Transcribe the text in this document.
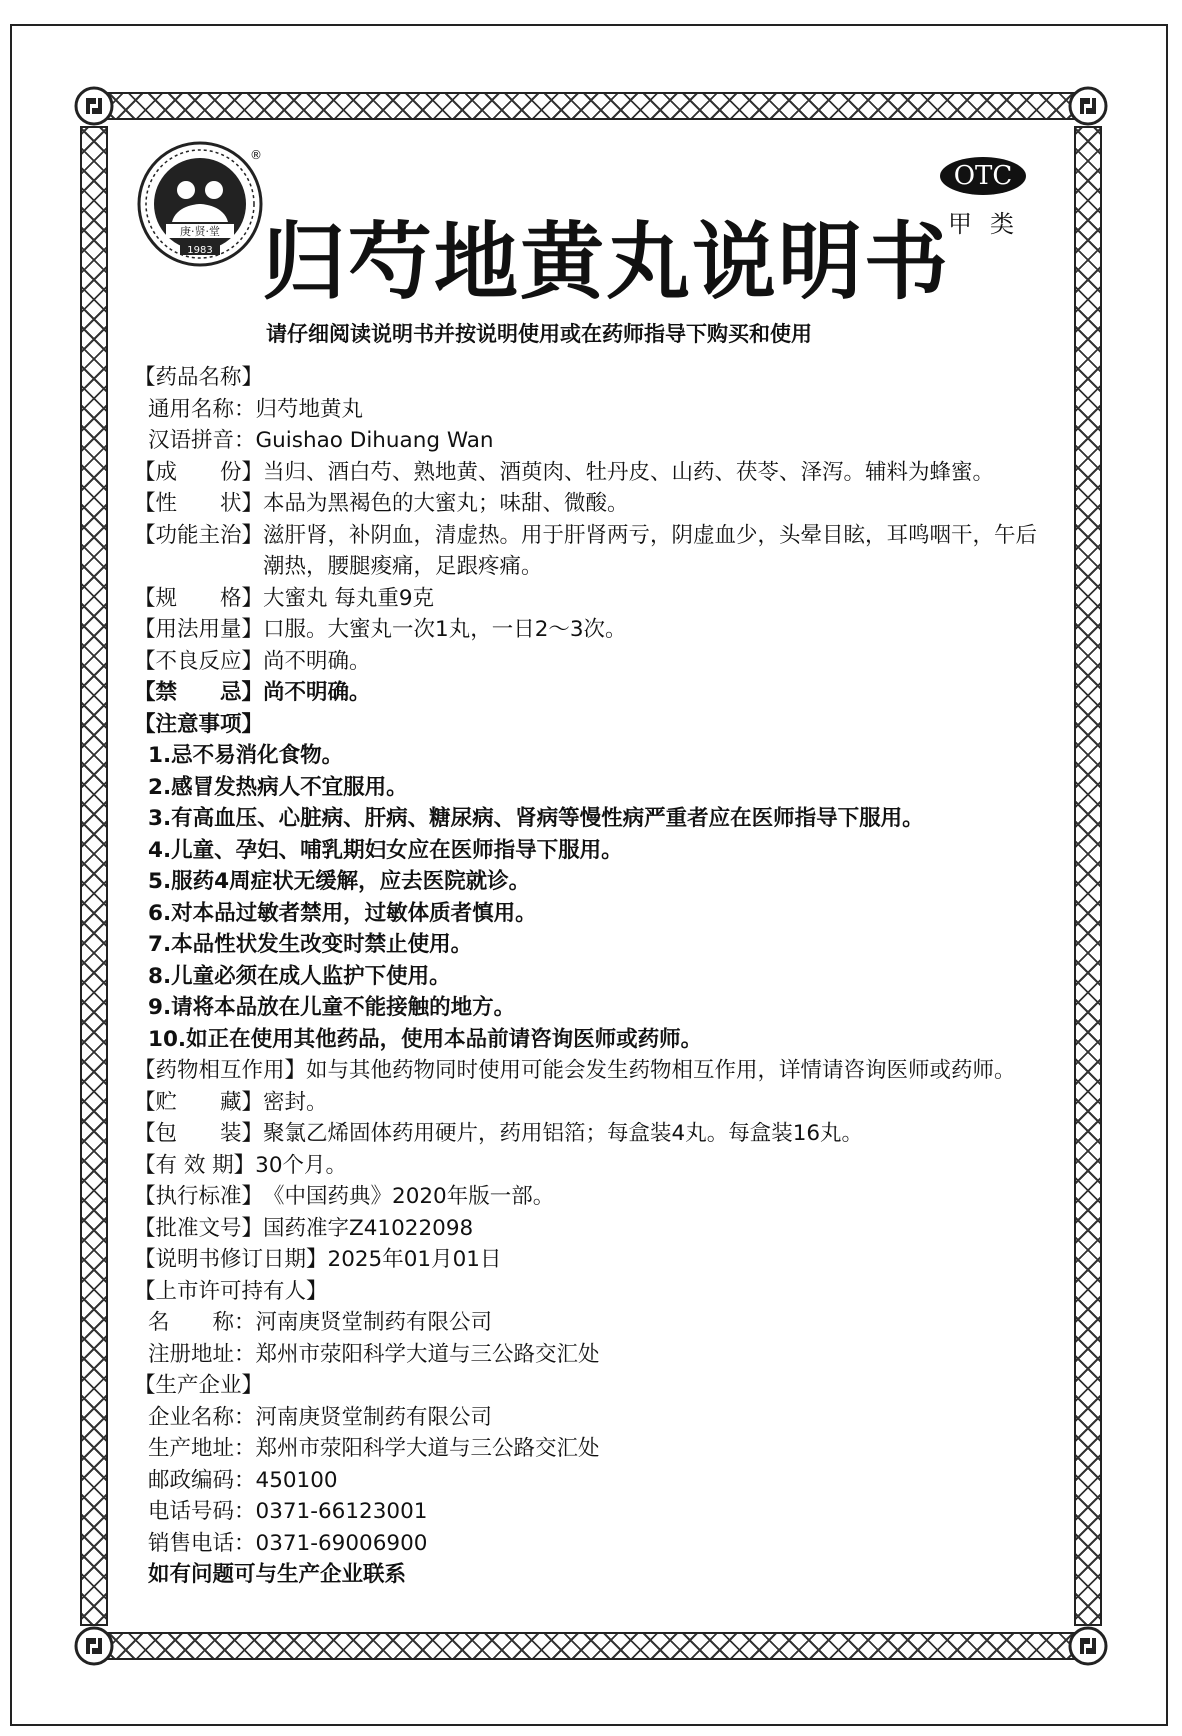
庚·贤·堂
1983
®
OTC
甲类
归芍地黄丸说明书
请仔细阅读说明书并按说明使用或在药师指导下购买和使用
【药品名称】
通用名称： 归芍地黄丸
汉语拼音： Guishao Dihuang Wan
【成　　份】 当归、酒白芍、熟地黄、酒萸肉、牡丹皮、山药、茯苓、泽泻。辅料为蜂蜜。
【性　　状】 本品为黑褐色的大蜜丸；味甜、微酸。
【功能主治】 滋肝肾，补阴血，清虚热。用于肝肾两亏，阴虚血少，头晕目眩，耳鸣咽干，午后潮热，腰腿痠痛，足跟疼痛。
【规　　格】 大蜜丸 每丸重9克
【用法用量】 口服。大蜜丸一次1丸，一日2～3次。
【不良反应】 尚不明确。
【禁　　忌】 尚不明确。
【注意事项】
1.忌不易消化食物。
2.感冒发热病人不宜服用。
3.有高血压、心脏病、肝病、糖尿病、肾病等慢性病严重者应在医师指导下服用。
4.儿童、孕妇、哺乳期妇女应在医师指导下服用。
5.服药4周症状无缓解，应去医院就诊。
6.对本品过敏者禁用，过敏体质者慎用。
7.本品性状发生改变时禁止使用。
8.儿童必须在成人监护下使用。
9.请将本品放在儿童不能接触的地方。
10.如正在使用其他药品，使用本品前请咨询医师或药师。
【药物相互作用】 如与其他药物同时使用可能会发生药物相互作用，详情请咨询医师或药师。
【贮　　藏】 密封。
【包　　装】 聚氯乙烯固体药用硬片，药用铝箔；每盒装4丸。每盒装16丸。
【有 效 期】 30个月。
【执行标准】 《中国药典》2020年版一部。
【批准文号】 国药准字Z41022098
【说明书修订日期】 2025年01月01日
【上市许可持有人】
名　　称： 河南庚贤堂制药有限公司
注册地址： 郑州市荥阳科学大道与三公路交汇处
【生产企业】
企业名称： 河南庚贤堂制药有限公司
生产地址： 郑州市荥阳科学大道与三公路交汇处
邮政编码： 450100
电话号码： 0371-66123001
销售电话： 0371-69006900
如有问题可与生产企业联系
